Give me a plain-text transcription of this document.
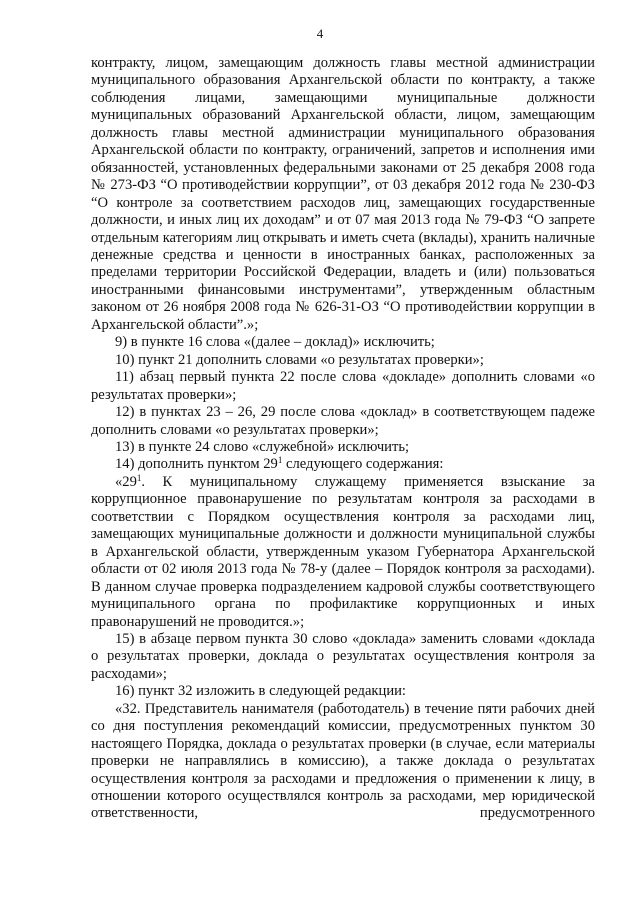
4

контракту, лицом, замещающим должность главы местной администрации муниципального образования Архангельской области по контракту, а также соблюдения лицами, замещающими муниципальные должности муниципальных образований Архангельской области, лицом, замещающим должность главы местной администрации муниципального образования Архангельской области по контракту, ограничений, запретов и исполнения ими обязанностей, установленных федеральными законами от 25 декабря 2008 года № 273-ФЗ “О противодействии коррупции”, от 03 декабря 2012 года № 230-ФЗ “О контроле за соответствием расходов лиц, замещающих государственные должности, и иных лиц их доходам” и от 07 мая 2013 года № 79-ФЗ “О запрете отдельным категориям лиц открывать и иметь счета (вклады), хранить наличные денежные средства и ценности в иностранных банках, расположенных за пределами территории Российской Федерации, владеть и (или) пользоваться иностранными финансовыми инструментами”, утвержденным областным законом от 26 ноября 2008 года № 626-31-ОЗ “О противодействии коррупции в Архангельской области”.»;

9) в пункте 16 слова «(далее – доклад)» исключить;

10) пункт 21 дополнить словами «о результатах проверки»;

11) абзац первый пункта 22 после слова «докладе» дополнить словами «о результатах проверки»;

12) в пунктах 23 – 26, 29 после слова «доклад» в соответствующем падеже дополнить словами «о результатах проверки»;

13) в пункте 24 слово «служебной» исключить;

14) дополнить пунктом $29^1$ следующего содержания:

«$29^1$. К муниципальному служащему применяется взыскание за коррупционное правонарушение по результатам контроля за расходами в соответствии с Порядком осуществления контроля за расходами лиц, замещающих муниципальные должности и должности муниципальной службы в Архангельской области, утвержденным указом Губернатора Архангельской области от 02 июля 2013 года № 78-у (далее – Порядок контроля за расходами). В данном случае проверка подразделением кадровой службы соответствующего муниципального органа по профилактике коррупционных и иных правонарушений не проводится.»;

15) в абзаце первом пункта 30 слово «доклада» заменить словами «доклада о результатах проверки, доклада о результатах осуществления контроля за расходами»;

16) пункт 32 изложить в следующей редакции:

«32. Представитель нанимателя (работодатель) в течение пяти рабочих дней со дня поступления рекомендаций комиссии, предусмотренных пунктом 30 настоящего Порядка, доклада о результатах проверки (в случае, если материалы проверки не направлялись в комиссию), а также доклада о результатах осуществления контроля за расходами и предложения о применении к лицу, в отношении которого осуществлялся контроль за расходами, мер юридической ответственности, предусмотренного
